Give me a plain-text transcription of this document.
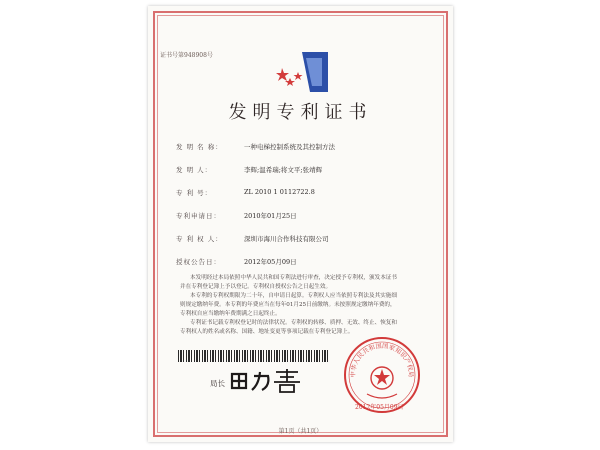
证书号第948908号
发明专利证书
发 明 名 称：	一种电梯控制系统及其控制方法
发 明 人：	李辉;温希瑞;将文平;张靖辉
专 利 号：	ZL 2010 1 0112722.8
专利申请日：	2010年01月25日
专 利 权 人：	深圳市海川合作科技有限公司
授权公告日：	2012年05月09日
本发明经过本局依照中华人民共和国专利法进行审查，决定授予专利权，颁发本证书
并在专利登记簿上予以登记。专利权自授权公告之日起生效。
本专利的专利权期限为二十年，自申请日起算。专利权人应当依照专利法及其实施细
则规定缴纳年费。本专利的年费应当在每年01月25日前缴纳。未按照规定缴纳年费的，
专利权自应当缴纳年费期满之日起终止。
专利证书记载专利权登记时的法律状况。专利权的转移、质押、无效、终止、恢复和
专利权人的姓名或名称、国籍、地址变更等事项记载在专利登记簿上。
局长
中华人民共和国国家知识产权局
2012年05月09日
第1页（共1页）
